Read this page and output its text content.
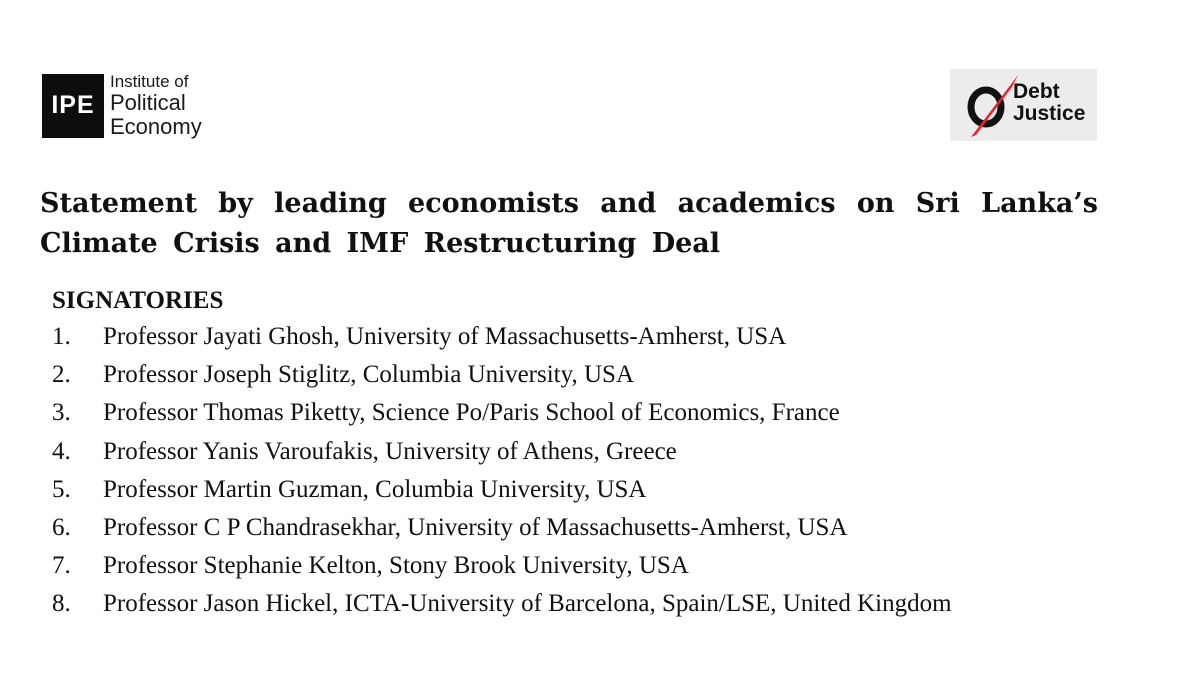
IPE
Institute of
Political
Economy
Debt
Justice
Statement by leading economists and academics on Sri Lanka’s Climate Crisis and IMF Restructuring Deal
SIGNATORIES
1.	Professor Jayati Ghosh, University of Massachusetts-Amherst, USA
2.	Professor Joseph Stiglitz, Columbia University, USA
3.	Professor Thomas Piketty, Science Po/Paris School of Economics, France
4.	Professor Yanis Varoufakis, University of Athens, Greece
5.	Professor Martin Guzman, Columbia University, USA
6.	Professor C P Chandrasekhar, University of Massachusetts-Amherst, USA
7.	Professor Stephanie Kelton, Stony Brook University, USA
8.	Professor Jason Hickel, ICTA-University of Barcelona, Spain/LSE, United Kingdom
